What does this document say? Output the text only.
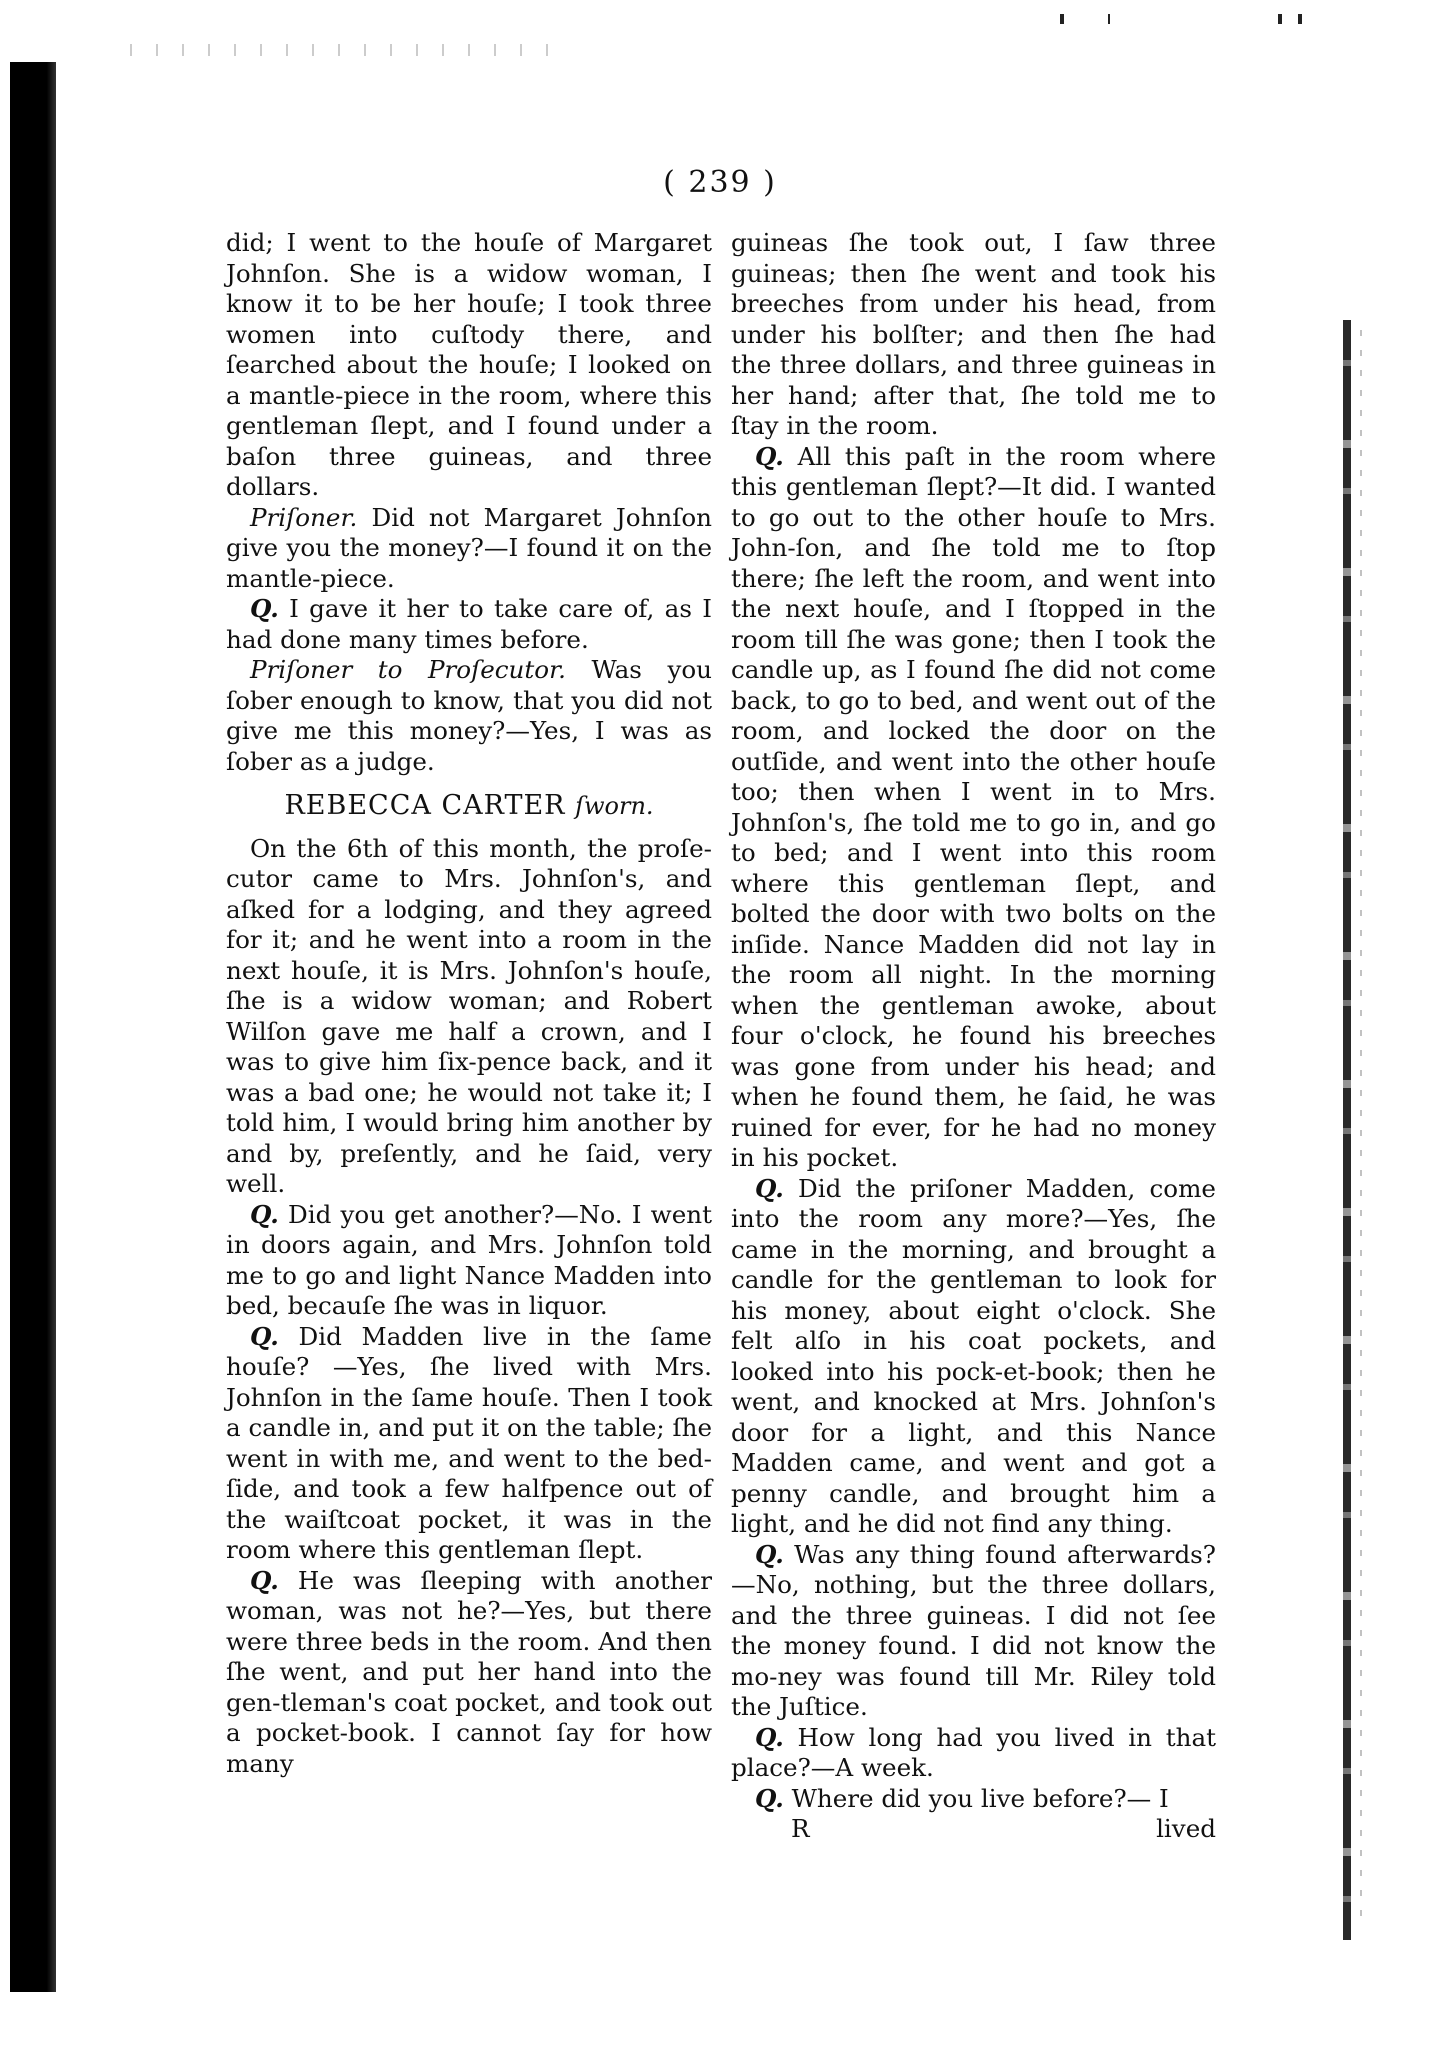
( 239 )

did; I went to the houſe of Margaret Johnſon. She is a widow woman, I know it to be her houſe; I took three women into cuſtody there, and ſearched about the houſe; I looked on a mantle-piece in the room, where this gentleman ſlept, and I found under a baſon three guineas, and three dollars.

Priſoner. Did not Margaret Johnſon give you the money?—I found it on the mantle-piece.

Q. I gave it her to take care of, as I had done many times before.

Priſoner to Proſecutor. Was you ſober enough to know, that you did not give me this money?—Yes, I was as ſober as a judge.

REBECCA CARTER ſworn.

On the 6th of this month, the proſe-cutor came to Mrs. Johnſon's, and aſked for a lodging, and they agreed for it; and he went into a room in the next houſe, it is Mrs. Johnſon's houſe, ſhe is a widow woman; and Robert Wilſon gave me half a crown, and I was to give him ſix-pence back, and it was a bad one; he would not take it; I told him, I would bring him another by and by, preſently, and he ſaid, very well.

Q. Did you get another?—No. I went in doors again, and Mrs. Johnſon told me to go and light Nance Madden into bed, becauſe ſhe was in liquor.

Q. Did Madden live in the ſame houſe? —Yes, ſhe lived with Mrs. Johnſon in the ſame houſe. Then I took a candle in, and put it on the table; ſhe went in with me, and went to the bed-ſide, and took a few halfpence out of the waiſtcoat pocket, it was in the room where this gentleman ſlept.

Q. He was ſleeping with another woman, was not he?—Yes, but there were three beds in the room. And then ſhe went, and put her hand into the gen-tleman's coat pocket, and took out a pocket-book. I cannot ſay for how many

guineas ſhe took out, I ſaw three guineas; then ſhe went and took his breeches from under his head, from under his bolſter; and then ſhe had the three dollars, and three guineas in her hand; after that, ſhe told me to ſtay in the room.

Q. All this paſt in the room where this gentleman ſlept?—It did. I wanted to go out to the other houſe to Mrs. John-ſon, and ſhe told me to ſtop there; ſhe left the room, and went into the next houſe, and I ſtopped in the room till ſhe was gone; then I took the candle up, as I found ſhe did not come back, to go to bed, and went out of the room, and locked the door on the outſide, and went into the other houſe too; then when I went in to Mrs. Johnſon's, ſhe told me to go in, and go to bed; and I went into this room where this gentleman ſlept, and bolted the door with two bolts on the inſide. Nance Madden did not lay in the room all night. In the morning when the gentleman awoke, about four o'clock, he found his breeches was gone from under his head; and when he found them, he ſaid, he was ruined for ever, for he had no money in his pocket.

Q. Did the priſoner Madden, come into the room any more?—Yes, ſhe came in the morning, and brought a candle for the gentleman to look for his money, about eight o'clock. She felt alſo in his coat pockets, and looked into his pock-et-book; then he went, and knocked at Mrs. Johnſon's door for a light, and this Nance Madden came, and went and got a penny candle, and brought him a light, and he did not find any thing.

Q. Was any thing found afterwards? —No, nothing, but the three dollars, and the three guineas. I did not ſee the money found. I did not know the mo-ney was found till Mr. Riley told the Juſtice.

Q. How long had you lived in that place?—A week.

Q. Where did you live before?— I

R	lived
